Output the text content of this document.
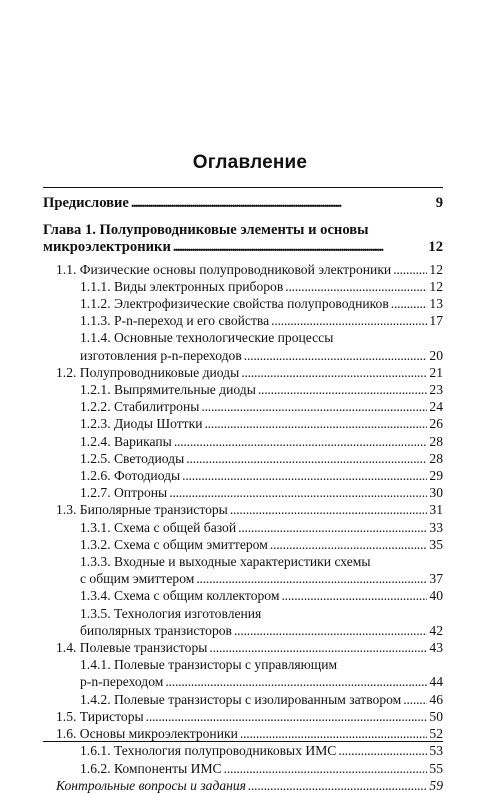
Оглавление
Предисловие . . .	9
Глава 1. Полупроводниковые элементы и основы
микроэлектроники . . .	12
1.1. Физические основы полупроводниковой электроники . . .	12
1.1.1. Виды электронных приборов . . .	12
1.1.2. Электрофизические свойства полупроводников . . .	13
1.1.3. P-n-переход и его свойства . . .	17
1.1.4. Основные технологические процессы
изготовления p-n-переходов . . .	20
1.2. Полупроводниковые диоды . . .	21
1.2.1. Выпрямительные диоды . . .	23
1.2.2. Стабилитроны . . .	24
1.2.3. Диоды Шоттки . . .	26
1.2.4. Варикапы . . .	28
1.2.5. Светодиоды . . .	28
1.2.6. Фотодиоды . . .	29
1.2.7. Оптроны . . .	30
1.3. Биполярные транзисторы . . .	31
1.3.1. Схема с общей базой . . .	33
1.3.2. Схема с общим эмиттером . . .	35
1.3.3. Входные и выходные характеристики схемы
с общим эмиттером . . .	37
1.3.4. Схема с общим коллектором . . .	40
1.3.5. Технология изготовления
биполярных транзисторов . . .	42
1.4. Полевые транзисторы . . .	43
1.4.1. Полевые транзисторы с управляющим
p-n-переходом . . .	44
1.4.2. Полевые транзисторы с изолированным затвором . . . 46
1.5. Тиристоры . . .	50
1.6. Основы микроэлектроники . . .	52
1.6.1. Технология полупроводниковых ИМС . . .	53
1.6.2. Компоненты ИМС . . .	55
Контрольные вопросы и задания . . .	59
